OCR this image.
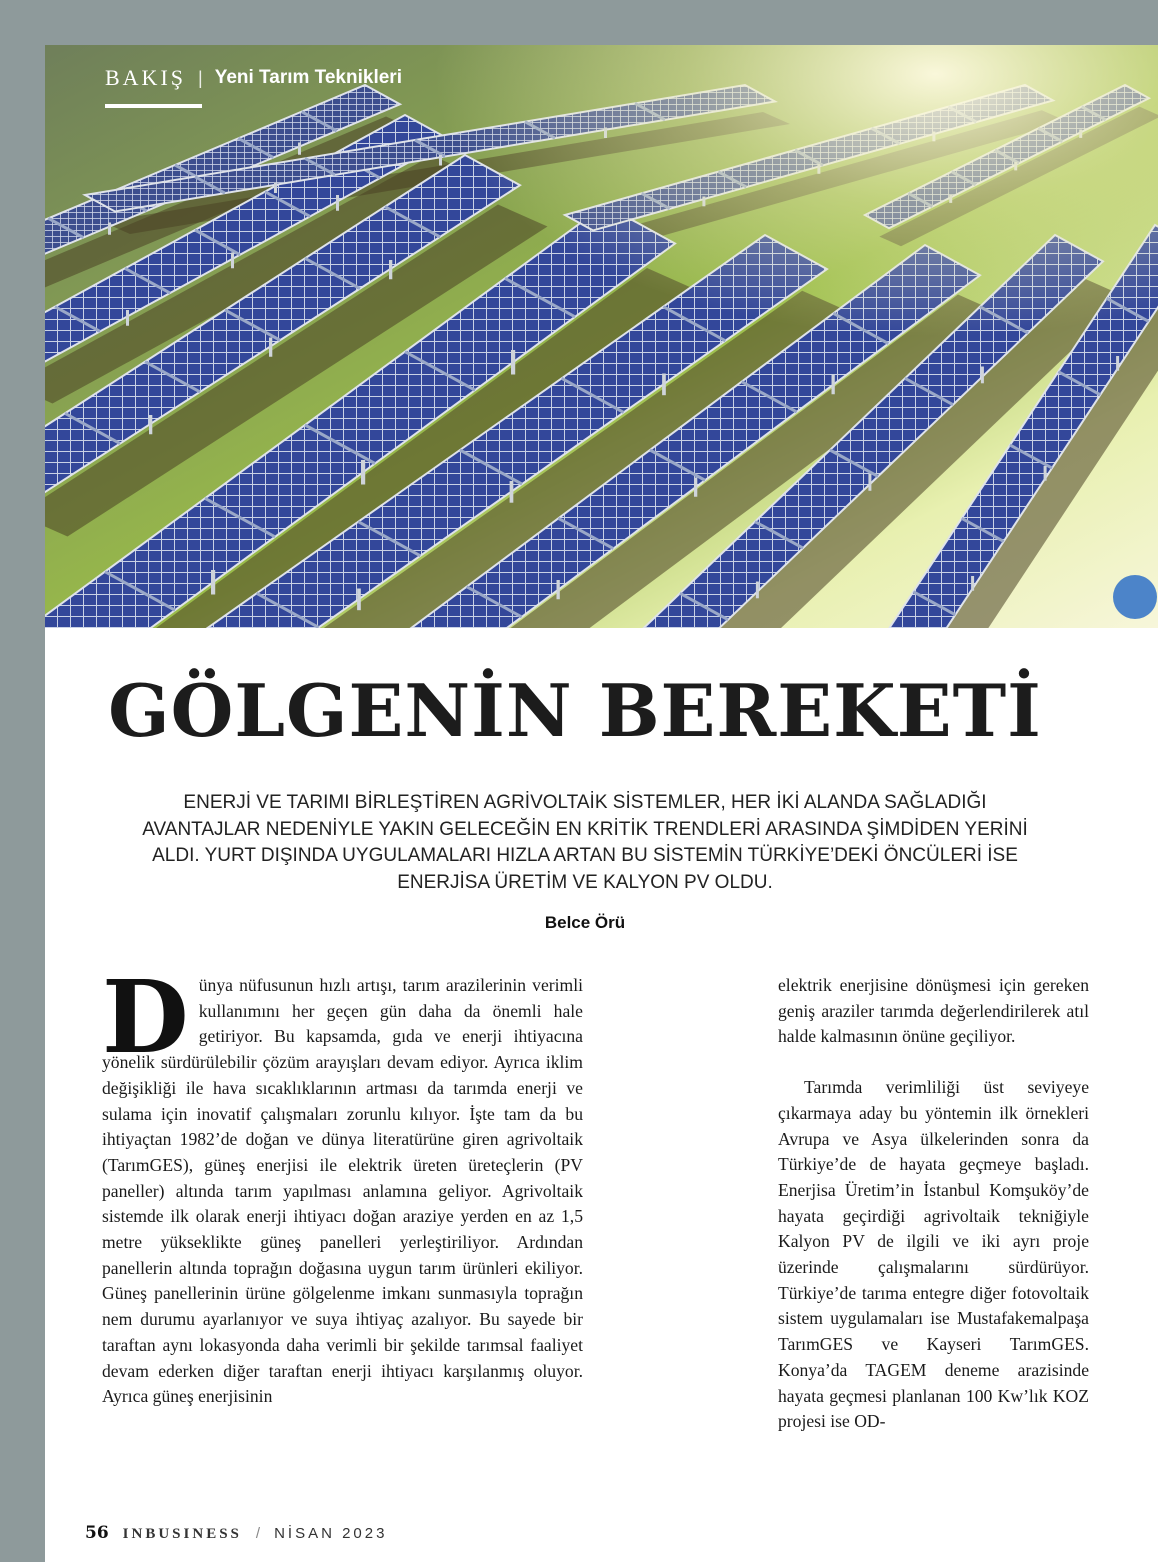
BAKIŞ | Yeni Tarım Teknikleri
GÖLGENİN BEREKETİ

ENERJİ VE TARIMI BİRLEŞTİREN AGRİVOLTAİK SİSTEMLER, HER İKİ ALANDA SAĞLADIĞI AVANTAJLAR NEDENİYLE YAKIN GELECEĞİN EN KRİTİK TRENDLERİ ARASINDA ŞİMDİDEN YERİNİ ALDI. YURT DIŞINDA UYGULAMALARI HIZLA ARTAN BU SİSTEMİN TÜRKİYE’DEKİ ÖNCÜLERİ İSE ENERJİSA ÜRETİM VE KALYON PV OLDU.

Belce Örü

Dünya nüfusunun hızlı artışı, tarım arazilerinin verimli kullanımını her geçen gün daha da önemli hale getiriyor. Bu kapsamda, gıda ve enerji ihtiyacına yönelik sürdürülebilir çözüm arayışları devam ediyor. Ayrıca iklim değişikliği ile hava sıcaklıklarının artması da tarımda enerji ve sulama için inovatif çalışmaları zorunlu kılıyor. İşte tam da bu ihtiyaçtan 1982’de doğan ve dünya literatürüne giren agrivoltaik (TarımGES), güneş enerjisi ile elektrik üreten üreteçlerin (PV paneller) altında tarım yapılması anlamına geliyor. Agrivoltaik sistemde ilk olarak enerji ihtiyacı doğan araziye yerden en az 1,5 metre yükseklikte güneş panelleri yerleştiriliyor. Ardından panellerin altında toprağın doğasına uygun tarım ürünleri ekiliyor. Güneş panellerinin ürüne gölgelenme imkanı sunmasıyla toprağın nem durumu ayarlanıyor ve suya ihtiyaç azalıyor. Bu sayede bir taraftan aynı lokasyonda daha verimli bir şekilde tarımsal faaliyet devam ederken diğer taraftan enerji ihtiyacı karşılanmış oluyor. Ayrıca güneş enerjisinin

elektrik enerjisine dönüşmesi için gereken geniş araziler tarımda değerlendirilerek atıl halde kalmasının önüne geçiliyor.

Tarımda verimliliği üst seviyeye çıkarmaya aday bu yöntemin ilk örnekleri Avrupa ve Asya ülkelerinden sonra da Türkiye’de de hayata geçmeye başladı. Enerjisa Üretim’in İstanbul Komşuköy’de hayata geçirdiği agrivoltaik tekniğiyle Kalyon PV de ilgili ve iki ayrı proje üzerinde çalışmalarını sürdürüyor. Türkiye’de tarıma entegre diğer fotovoltaik sistem uygulamaları ise Mustafakemalpaşa TarımGES ve Kayseri TarımGES. Konya’da TAGEM deneme arazisinde hayata geçmesi planlanan 100 Kw’lık KOZ projesi ise OD-

56 INBUSINESS / NİSAN 2023
